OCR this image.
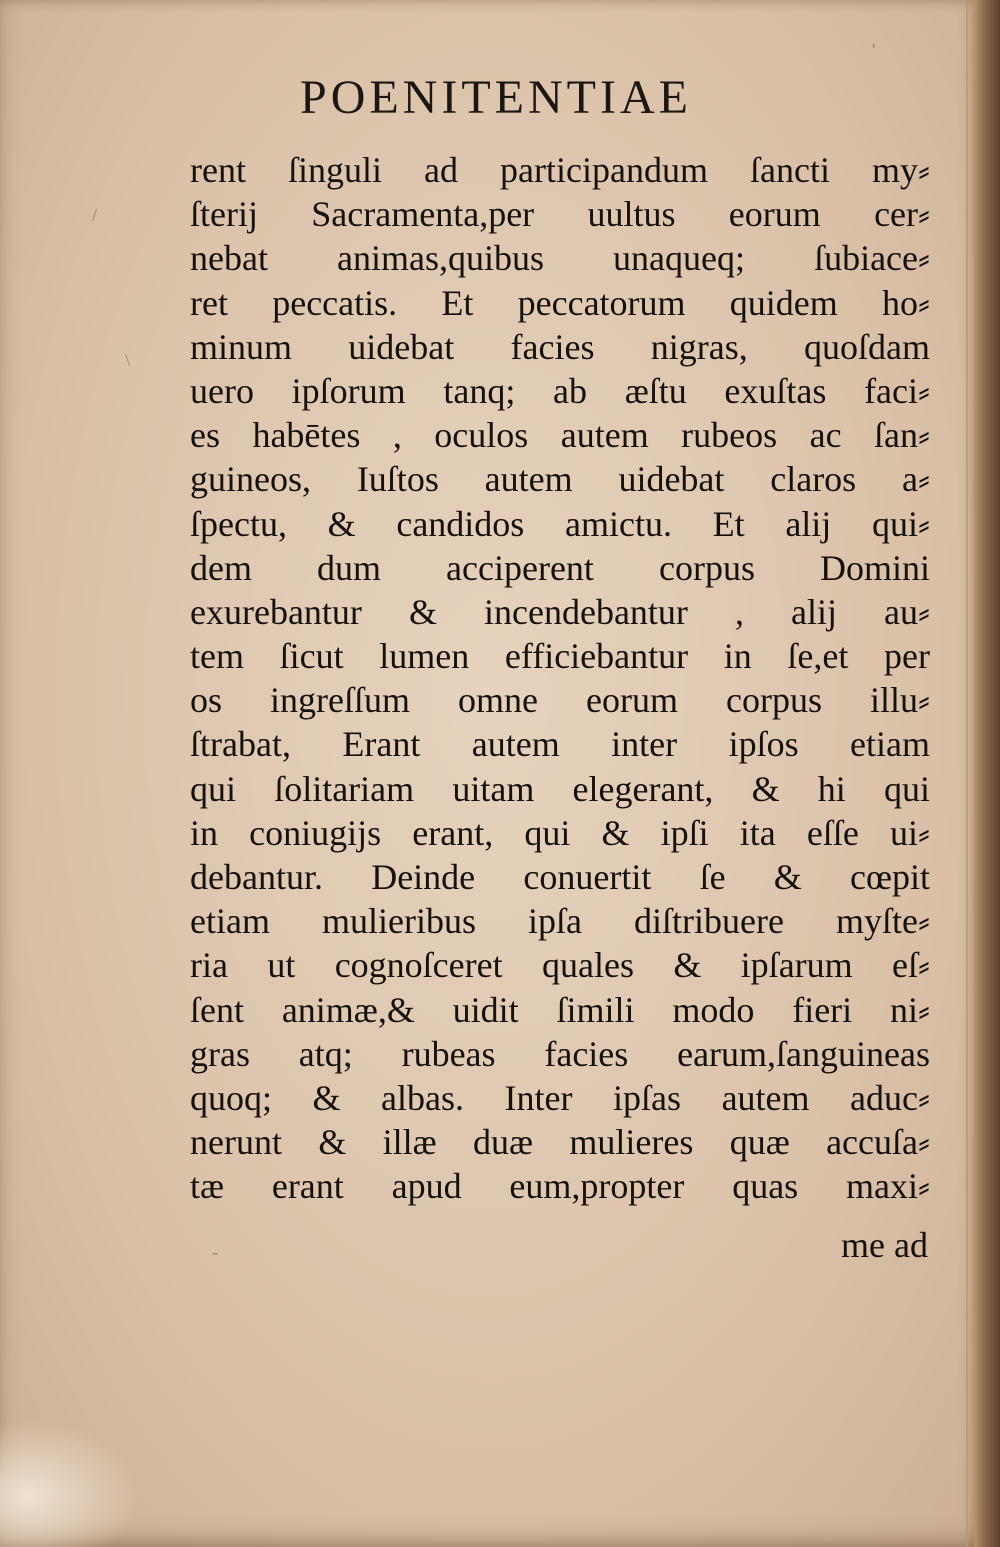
POENITENTIAE
rent ſinguli ad participandum ſancti my⸗
ſterij Sacramenta,per uultus eorum cer⸗
nebat animas,quibus unaqueq; ſubiace⸗
ret peccatis. Et peccatorum quidem ho⸗
minum uidebat facies nigras, quoſdam
uero ipſorum tanq; ab æſtu exuſtas faci⸗
es habētes , oculos autem rubeos ac ſan⸗
guineos, Iuſtos autem uidebat claros a⸗
ſpectu, & candidos amictu. Et alij qui⸗
dem dum acciperent corpus Domini
exurebantur & incendebantur , alij au⸗
tem ſicut lumen efficiebantur in ſe,et per
os ingreſſum omne eorum corpus illu⸗
ſtrabat, Erant autem inter ipſos etiam
qui ſolitariam uitam elegerant, & hi qui
in coniugijs erant, qui & ipſi ita eſſe ui⸗
debantur. Deinde conuertit ſe & cœpit
etiam mulieribus ipſa diſtribuere myſte⸗
ria ut cognoſceret quales & ipſarum eſ⸗
ſent animæ,& uidit ſimili modo fieri ni⸗
gras atq; rubeas facies earum,ſanguineas
quoq; & albas. Inter ipſas autem aduc⸗
nerunt & illæ duæ mulieres quæ accuſa⸗
tæ erant apud eum,propter quas maxi⸗
me ad
'
/
\
-
